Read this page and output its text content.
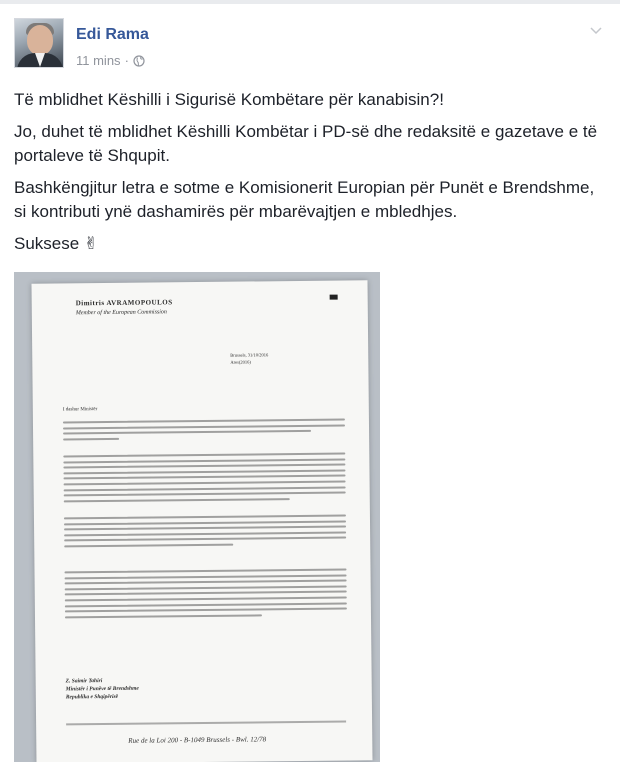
Edi Rama
11 mins ·

Të mblidhet Këshilli i Sigurisë Kombëtare për kanabisin?!

Jo, duhet të mblidhet Këshilli Kombëtar i PD-së dhe redaksitë e gazetave e të portaleve të Shqupit.

Bashkëngjitur letra e sotme e Komisionerit Europian për Punët e Brendshme, si kontributi ynë dashamirës për mbarëvajtjen e mbledhjes.

Suksese ✌

Dimitris AVRAMOPOULOS
Member of the European Commission
Brussels, 31/10/2016
Ares(2016)
I dashur Ministër
Z. Saimir Tahiri
Ministër i Punëve të Brendshme
Republika e Shqipërisë
Rue de la Loi 200 - B-1049 Brussels - Bwl. 12/78
